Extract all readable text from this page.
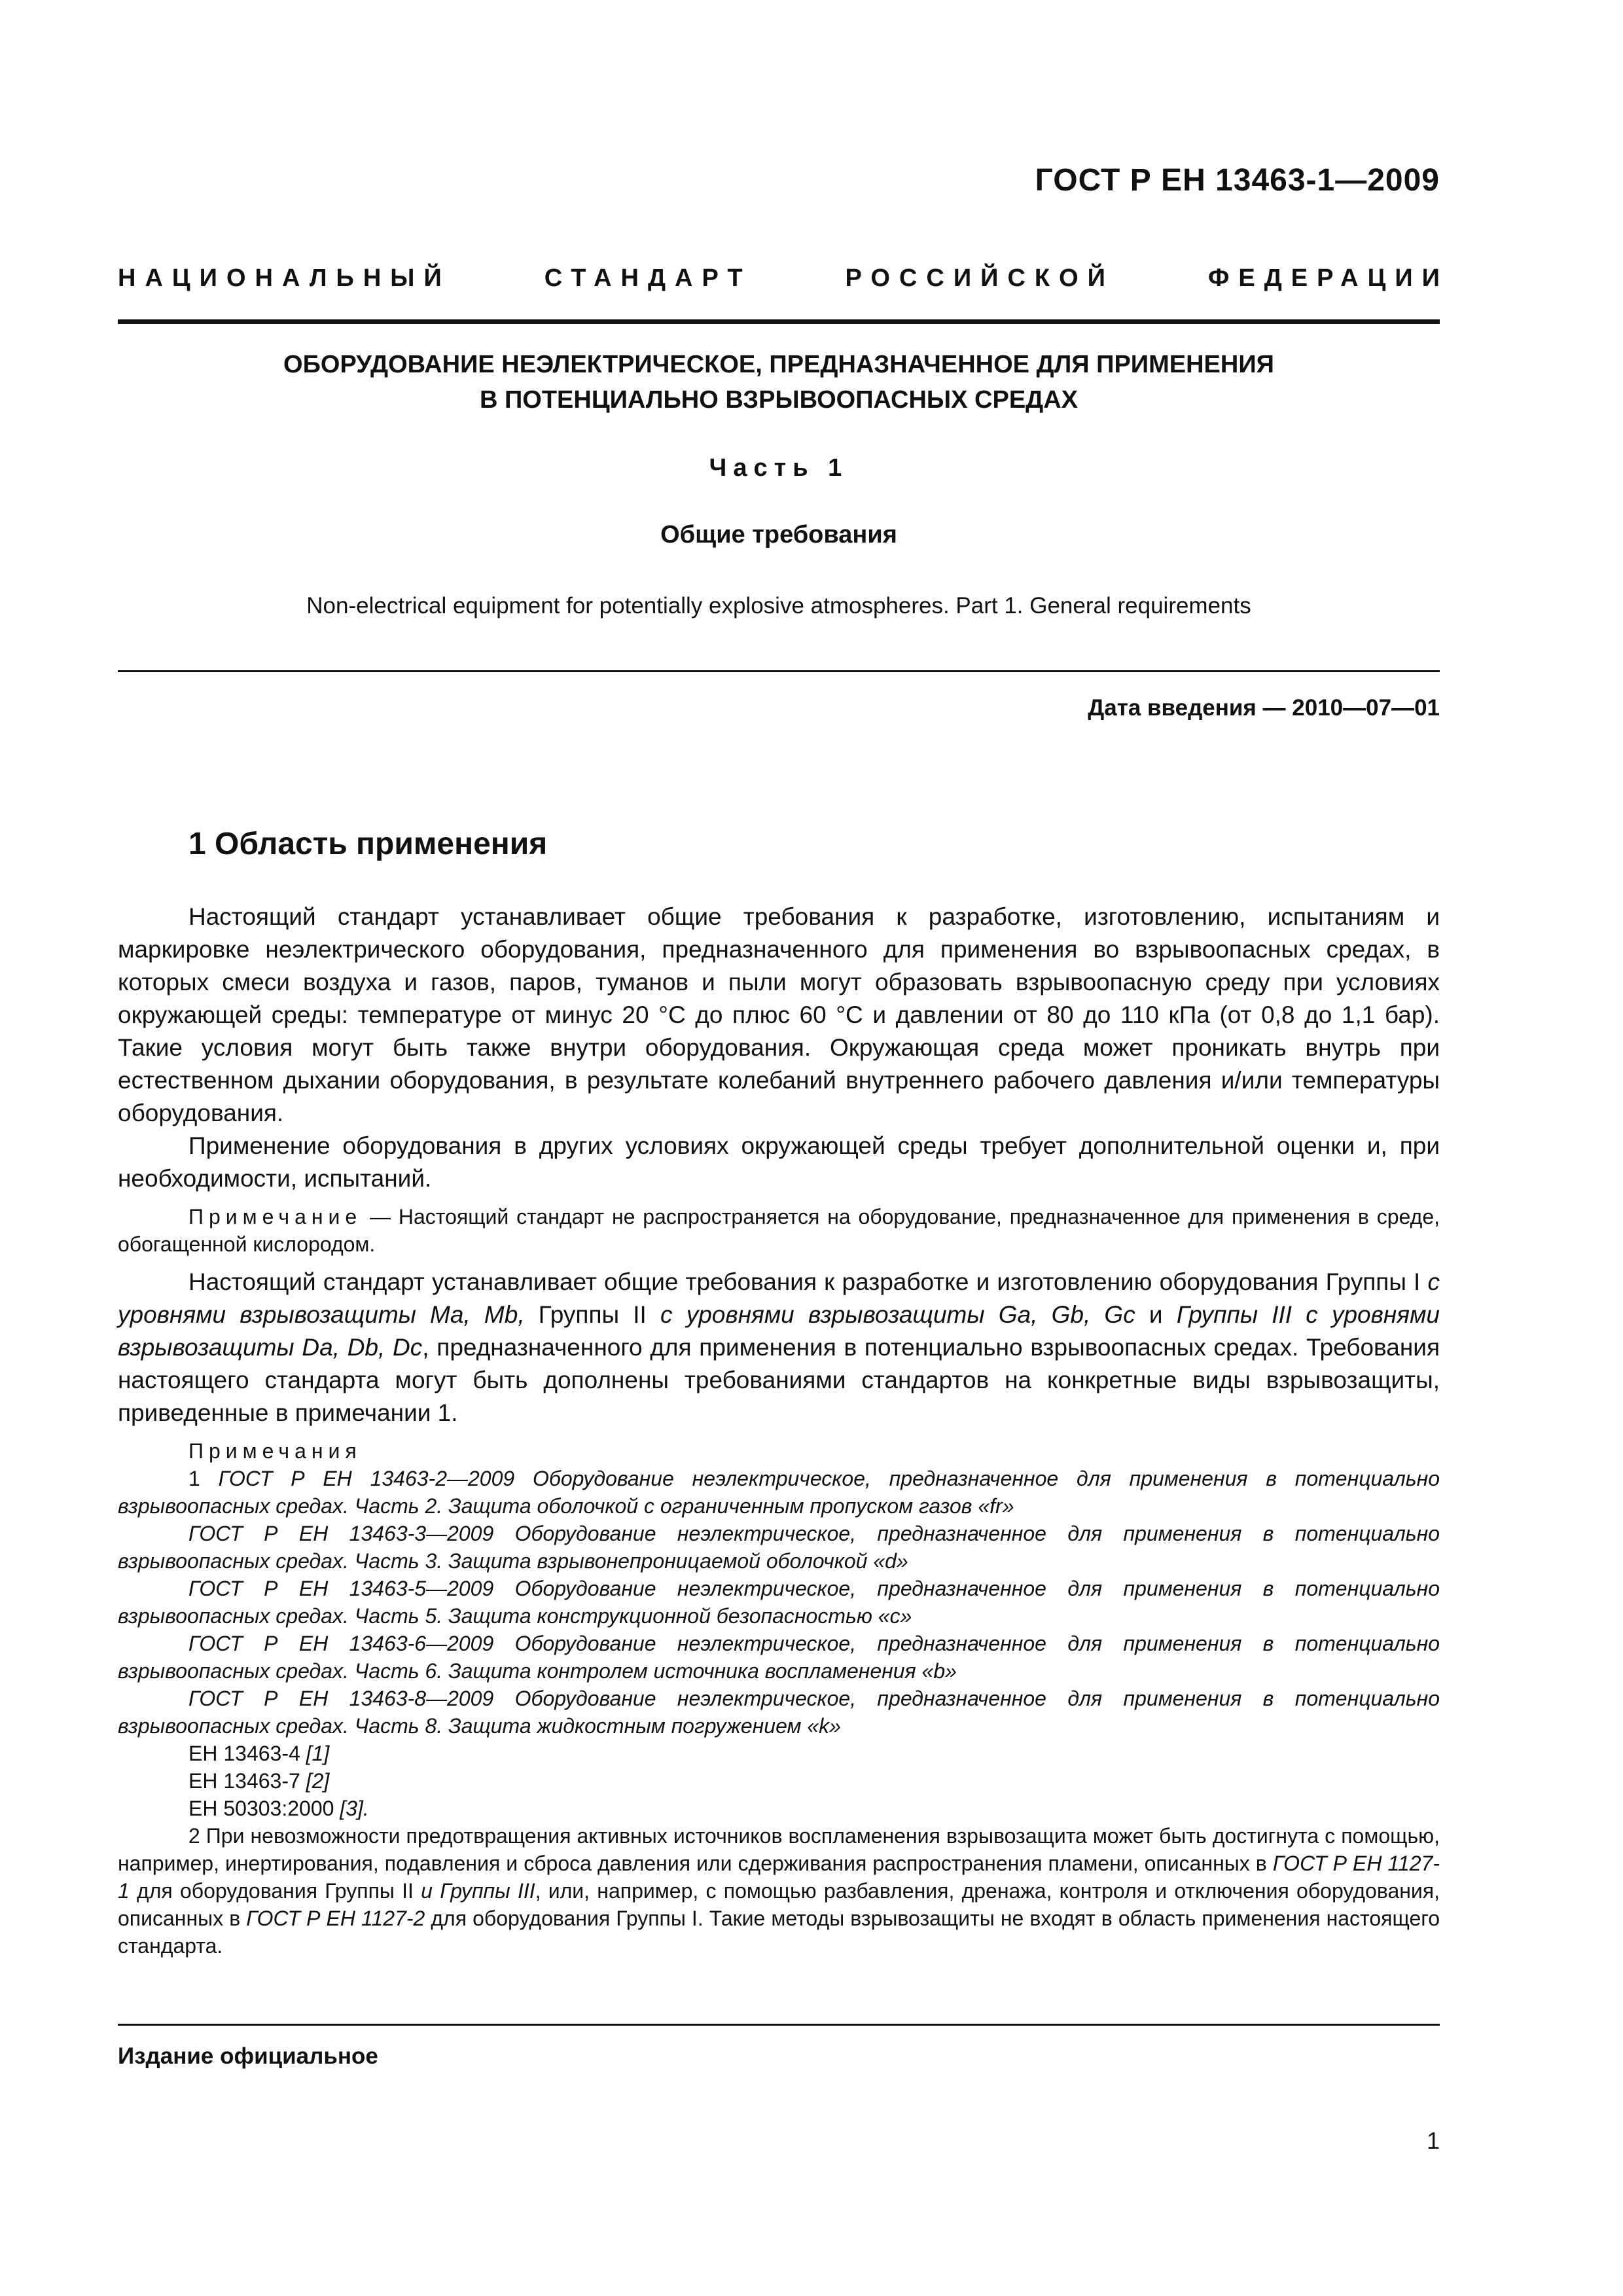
ГОСТ Р ЕН 13463-1—2009
НАЦИОНАЛЬНЫЙ	СТАНДАРТ	РОССИЙСКОЙ	ФЕДЕРАЦИИ
ОБОРУДОВАНИЕ НЕЭЛЕКТРИЧЕСКОЕ, ПРЕДНАЗНАЧЕННОЕ ДЛЯ ПРИМЕНЕНИЯ
В ПОТЕНЦИАЛЬНО ВЗРЫВООПАСНЫХ СРЕДАХ
Часть 1
Общие требования
Non-electrical equipment for potentially explosive atmospheres. Part 1. General requirements
Дата введения — 2010—07—01
1 Область применения

Настоящий стандарт устанавливает общие требования к разработке, изготовлению, испытаниям и маркировке неэлектрического оборудования, предназначенного для применения во взрывоопасных средах, в которых смеси воздуха и газов, паров, туманов и пыли могут образовать взрывоопасную среду при условиях окружающей среды: температуре от минус 20 °С до плюс 60 °С и давлении от 80 до 110 кПа (от 0,8 до 1,1 бар). Такие условия могут быть также внутри оборудования. Окружающая среда может проникать внутрь при естественном дыхании оборудования, в результате колебаний внутреннего рабочего давления и/или температуры оборудования.

Применение оборудования в других условиях окружающей среды требует дополнительной оценки и, при необходимости, испытаний.

Примечание — Настоящий стандарт не распространяется на оборудование, предназначенное для применения в среде, обогащенной кислородом.

Настоящий стандарт устанавливает общие требования к разработке и изготовлению оборудования Группы I с уровнями взрывозащиты Ma, Mb, Группы II с уровнями взрывозащиты Ga, Gb, Gc и Группы III с уровнями взрывозащиты Da, Db, Dc, предназначенного для применения в потенциально взрывоопасных средах. Требования настоящего стандарта могут быть дополнены требованиями стандартов на конкретные виды взрывозащиты, приведенные в примечании 1.

Примечания

1 ГОСТ Р ЕН 13463-2—2009 Оборудование неэлектрическое, предназначенное для применения в потенциально взрывоопасных средах. Часть 2. Защита оболочкой с ограниченным пропуском газов «fr»

ГОСТ Р ЕН 13463-3—2009 Оборудование неэлектрическое, предназначенное для применения в потенциально взрывоопасных средах. Часть 3. Защита взрывонепроницаемой оболочкой «d»

ГОСТ Р ЕН 13463-5—2009 Оборудование неэлектрическое, предназначенное для применения в потенциально взрывоопасных средах. Часть 5. Защита конструкционной безопасностью «c»

ГОСТ Р ЕН 13463-6—2009 Оборудование неэлектрическое, предназначенное для применения в потенциально взрывоопасных средах. Часть 6. Защита контролем источника воспламенения «b»

ГОСТ Р ЕН 13463-8—2009 Оборудование неэлектрическое, предназначенное для применения в потенциально взрывоопасных средах. Часть 8. Защита жидкостным погружением «k»

ЕН 13463-4 [1]

ЕН 13463-7 [2]

ЕН 50303:2000 [3].

2 При невозможности предотвращения активных источников воспламенения взрывозащита может быть достигнута с помощью, например, инертирования, подавления и сброса давления или сдерживания распространения пламени, описанных в ГОСТ Р ЕН 1127-1 для оборудования Группы II и Группы III, или, например, с помощью разбавления, дренажа, контроля и отключения оборудования, описанных в ГОСТ Р ЕН 1127-2 для оборудования Группы I. Такие методы взрывозащиты не входят в область применения настоящего стандарта.

Издание официальное
1
